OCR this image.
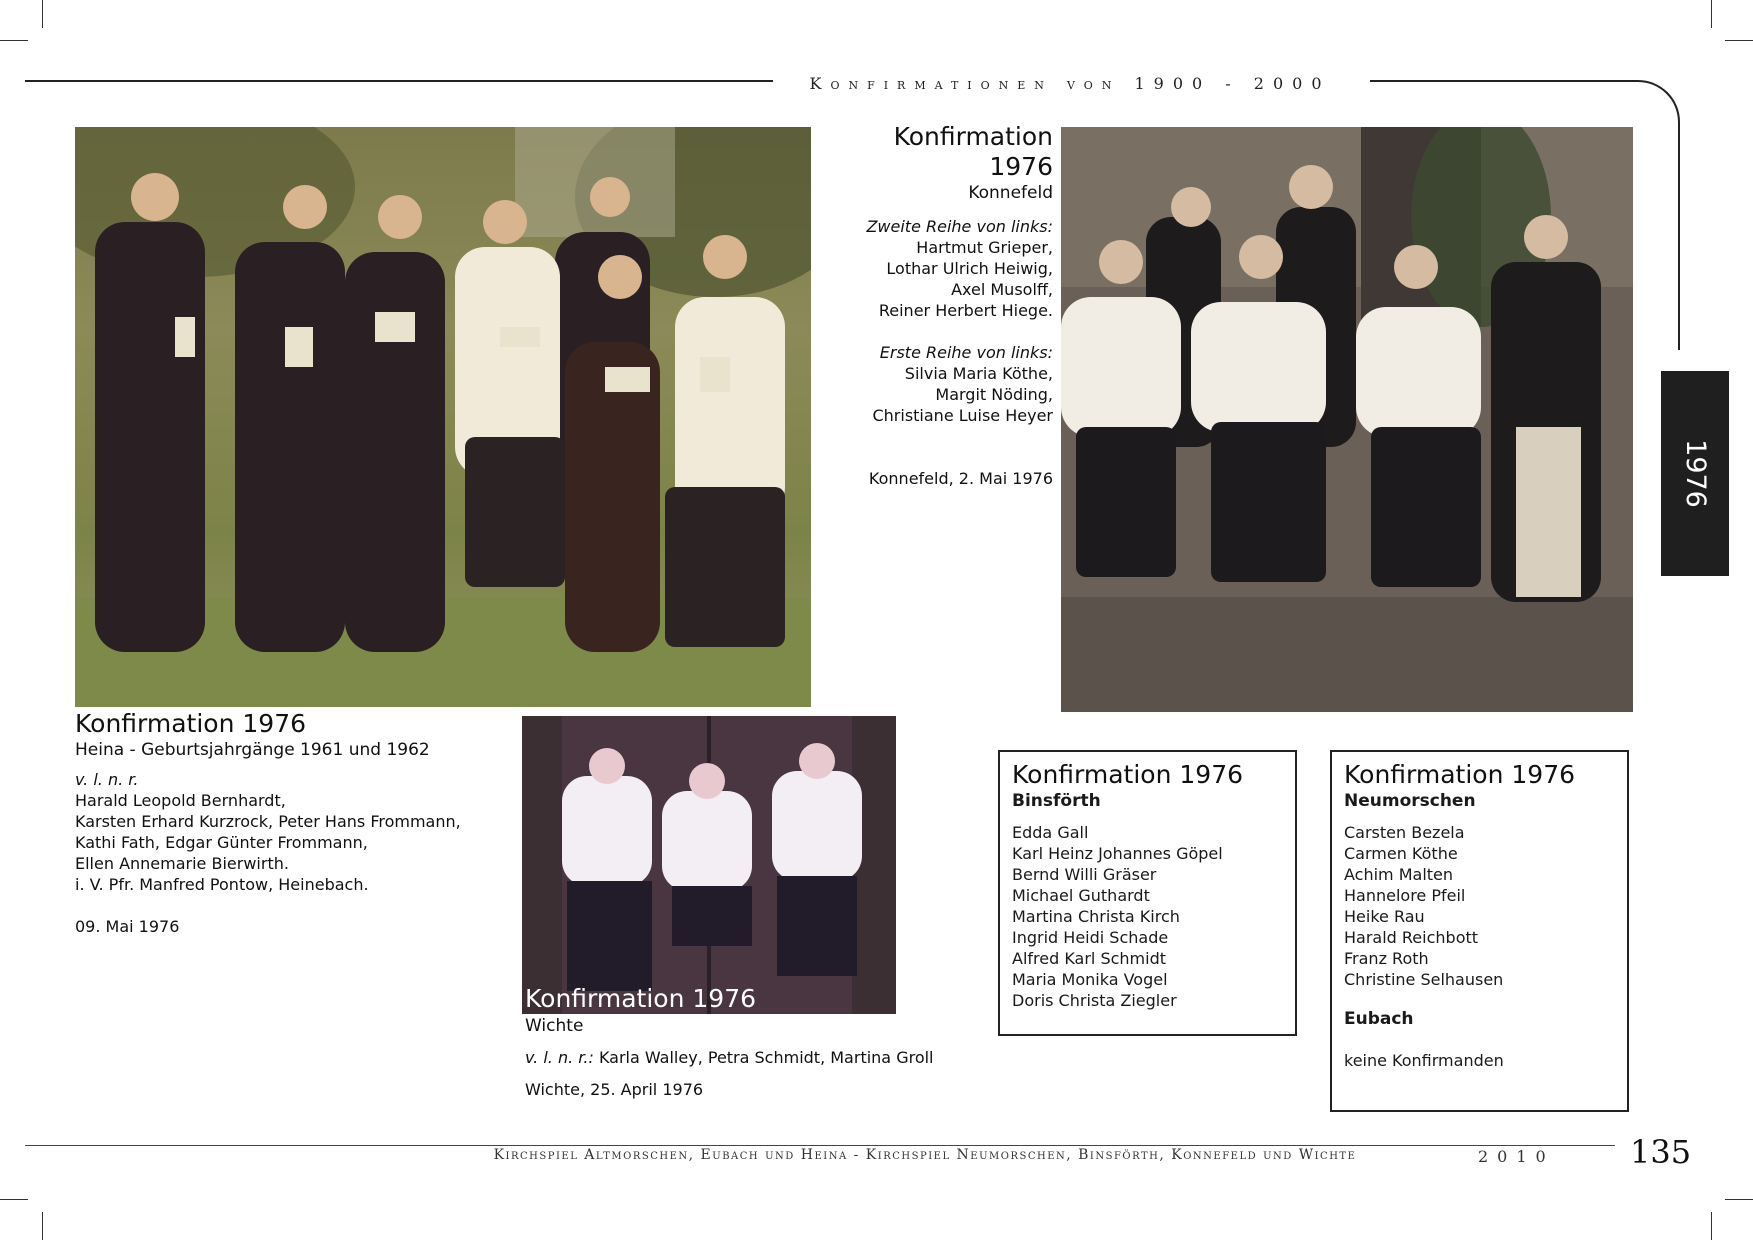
Konfirmationen von 1900 - 2000
1976
Konfirmation
1976
Konnefeld
Zweite Reihe von links:
Hartmut Grieper,
Lothar Ulrich Heiwig,
Axel Musolff,
Reiner Herbert Hiege.
Erste Reihe von links:
Silvia Maria Köthe,
Margit Nöding,
Christiane Luise Heyer
Konnefeld, 2. Mai 1976
Konfirmation 1976
Heina - Geburtsjahrgänge 1961 und 1962
v. l. n. r.
Harald Leopold Bernhardt,
Karsten Erhard Kurzrock, Peter Hans Frommann,
Kathi Fath, Edgar Günter Frommann,
Ellen Annemarie Bierwirth.
i. V. Pfr. Manfred Pontow, Heinebach.
09. Mai 1976
Konfirmation 1976
Wichte
v. l. n. r.: Karla Walley, Petra Schmidt, Martina Groll
Wichte, 25. April 1976
Konfirmation 1976
Binsförth
Edda Gall
Karl Heinz Johannes Göpel
Bernd Willi Gräser
Michael Guthardt
Martina Christa Kirch
Ingrid Heidi Schade
Alfred Karl Schmidt
Maria Monika Vogel
Doris Christa Ziegler
Konfirmation 1976
Neumorschen
Carsten Bezela
Carmen Köthe
Achim Malten
Hannelore Pfeil
Heike Rau
Harald Reichbott
Franz Roth
Christine Selhausen
Eubach
keine Konfirmanden
Kirchspiel Altmorschen, Eubach und Heina - Kirchspiel Neumorschen, Binsförth, Konnefeld und Wichte	2010 135
